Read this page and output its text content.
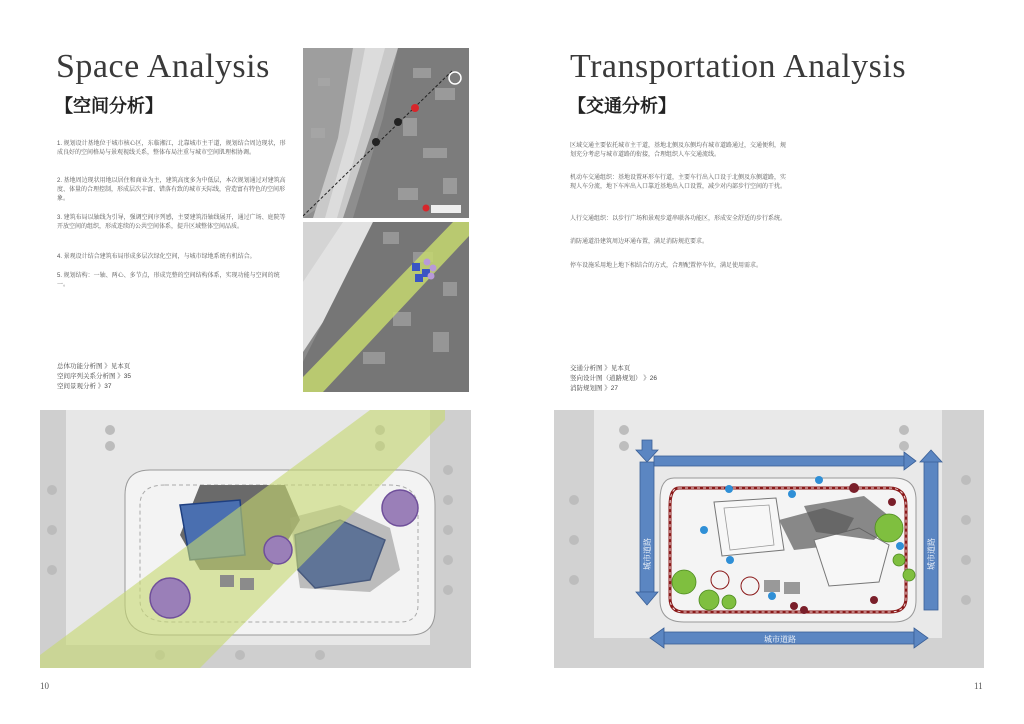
Space Analysis
【空间分析】

1. 规划设计基地位于城市核心区，东临湘江，北靠城市主干道，规划结合周边现状，形成良好的空间格局与景观视线关系，整体布局注重与城市空间肌理相协调。

2. 基地周边现状用地以居住和商业为主，建筑高度多为中低层，本次规划通过对建筑高度、体量的合理控制，形成层次丰富、错落有致的城市天际线，营造富有特色的空间形象。

3. 建筑布局以轴线为引导，强调空间序列感，主要建筑沿轴线展开，通过广场、庭院等开放空间的组织，形成连续的公共空间体系，提升区域整体空间品质。

4. 景观设计结合建筑布局形成多层次绿化空间，与城市绿地系统有机结合。

5. 规划结构：一轴、两心、多节点，形成完整的空间结构体系，实现功能与空间的统一。

总体功能分析图 》见本页
空间序列关系分析图 》35
空间景观分析 》37
10
Transportation Analysis
【交通分析】

区域交通主要依托城市主干道，基地北侧及东侧均有城市道路通过，交通便利，规划充分考虑与城市道路的衔接，合理组织人车交通流线。

机动车交通组织：基地设置环形车行道，主要车行出入口设于北侧及东侧道路，实现人车分流，地下车库出入口靠近基地出入口设置，减少对内部步行空间的干扰。

人行交通组织：以步行广场和景观步道串联各功能区，形成安全舒适的步行系统。

消防通道沿建筑周边环通布置，满足消防规范要求。

停车设施采用地上地下相结合的方式，合理配置停车位，满足使用需求。

交通分析图 》见本页
竖向设计图（道路规划） 》26
消防规划图 》27
城市道路
城市道路	城市道路
11
